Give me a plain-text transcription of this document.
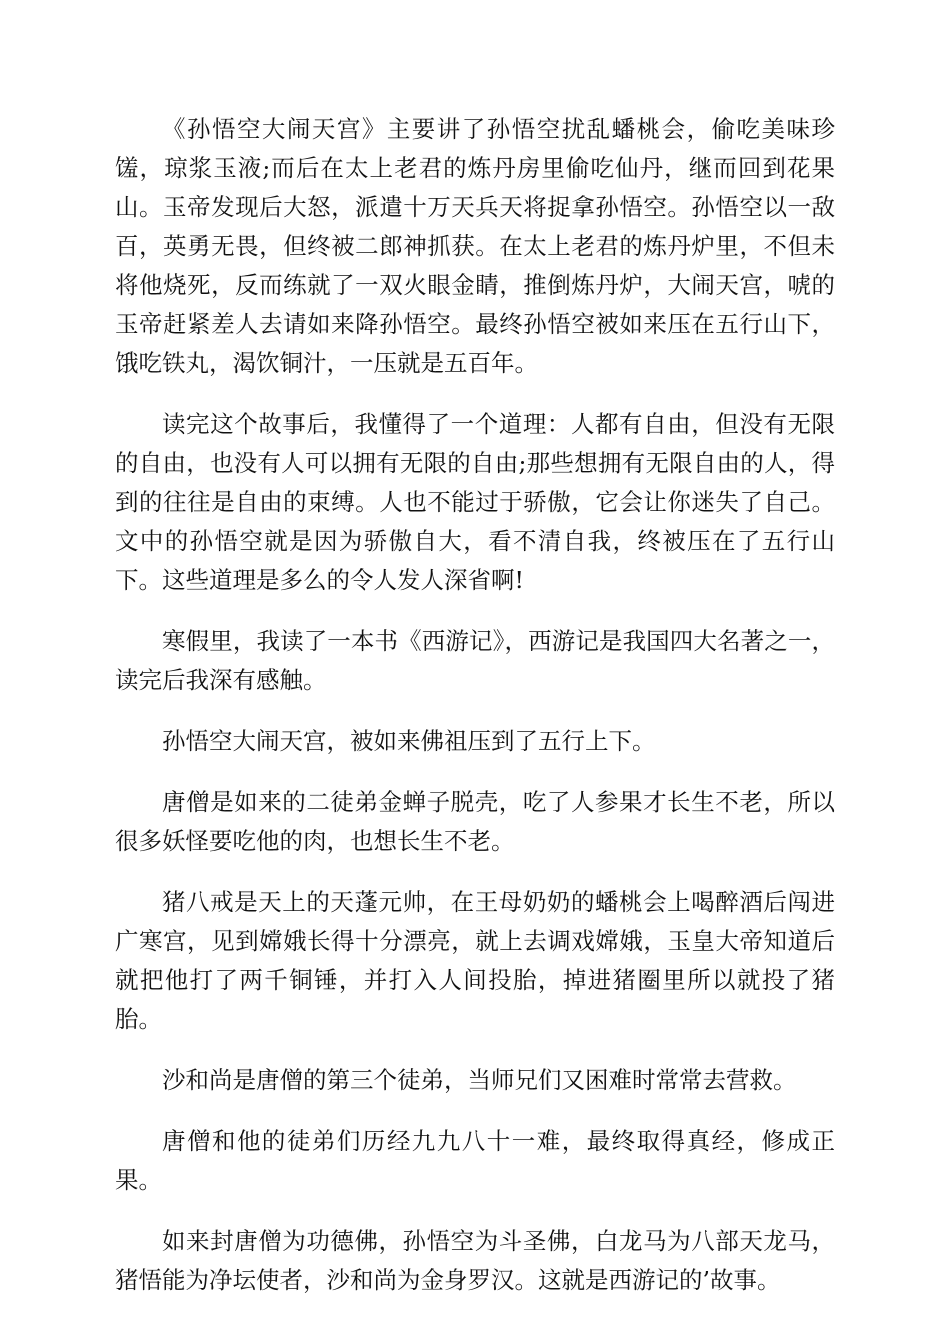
《孙悟空大闹天宫》主要讲了孙悟空扰乱蟠桃会，偷吃美味珍馐，琼浆玉液;而后在太上老君的炼丹房里偷吃仙丹，继而回到花果山。玉帝发现后大怒，派遣十万天兵天将捉拿孙悟空。孙悟空以一敌百，英勇无畏，但终被二郎神抓获。在太上老君的炼丹炉里，不但未将他烧死，反而练就了一双火眼金睛，推倒炼丹炉，大闹天宫，唬的玉帝赶紧差人去请如来降孙悟空。最终孙悟空被如来压在五行山下，饿吃铁丸，渴饮铜汁，一压就是五百年。

读完这个故事后，我懂得了一个道理：人都有自由，但没有无限的自由，也没有人可以拥有无限的自由;那些想拥有无限自由的人，得到的往往是自由的束缚。人也不能过于骄傲，它会让你迷失了自己。文中的孙悟空就是因为骄傲自大，看不清自我，终被压在了五行山下。这些道理是多么的令人发人深省啊!

寒假里，我读了一本书《西游记》，西游记是我国四大名著之一，读完后我深有感触。

孙悟空大闹天宫，被如来佛祖压到了五行上下。

唐僧是如来的二徒弟金蝉子脱壳，吃了人参果才长生不老，所以很多妖怪要吃他的肉，也想长生不老。

猪八戒是天上的天蓬元帅，在王母奶奶的蟠桃会上喝醉酒后闯进广寒宫，见到嫦娥长得十分漂亮，就上去调戏嫦娥，玉皇大帝知道后就把他打了两千铜锤，并打入人间投胎，掉进猪圈里所以就投了猪胎。

沙和尚是唐僧的第三个徒弟，当师兄们又困难时常常去营救。

唐僧和他的徒弟们历经九九八十一难，最终取得真经，修成正果。

如来封唐僧为功德佛，孙悟空为斗圣佛，白龙马为八部天龙马，猪悟能为净坛使者，沙和尚为金身罗汉。这就是西游记的’故事。
